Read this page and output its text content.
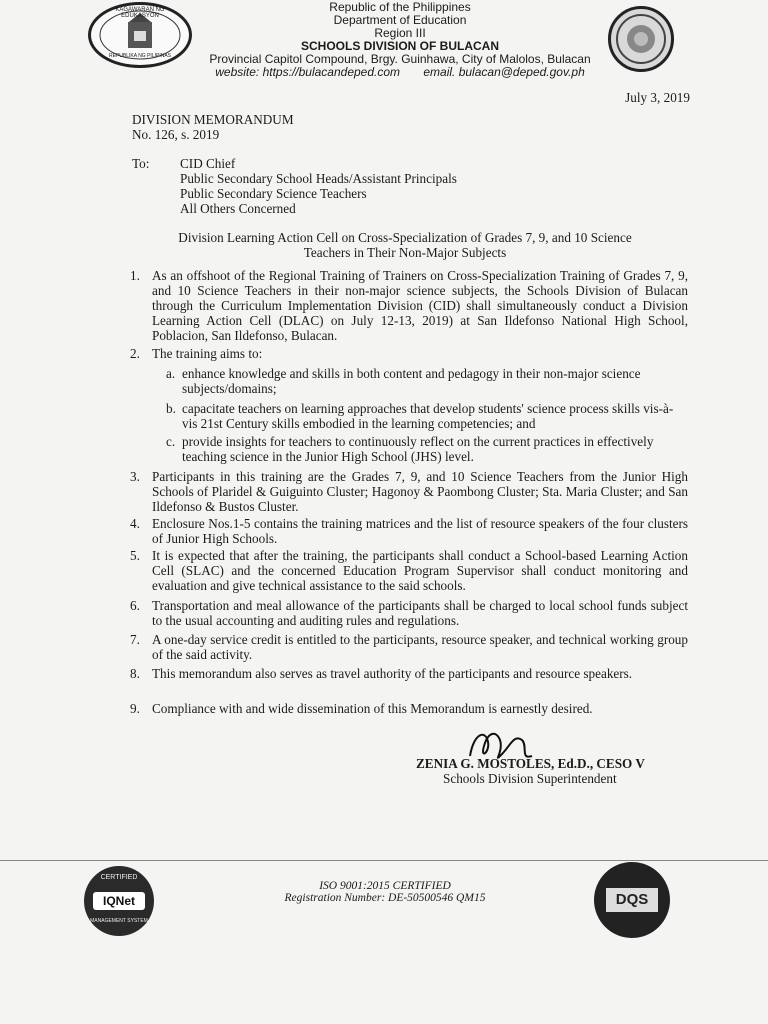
KAGAWARAN NG EDUKASYON
REPUBLIKA NG PILIPINAS
Republic of the Philippines
Department of Education
Region III
SCHOOLS DIVISION OF BULACAN
Provincial Capitol Compound, Brgy. Guinhawa, City of Malolos, Bulacan
website: https://bulacandeped.com email. bulacan@deped.gov.ph
July 3, 2019
DIVISION MEMORANDUM
No. 126, s. 2019
To: CID Chief
Public Secondary School Heads/Assistant Principals
Public Secondary Science Teachers
All Others Concerned
Division Learning Action Cell on Cross-Specialization of Grades 7, 9, and 10 Science
Teachers in Their Non-Major Subjects
1. As an offshoot of the Regional Training of Trainers on Cross-Specialization Training of Grades 7, 9, and 10 Science Teachers in their non-major science subjects, the Schools Division of Bulacan through the Curriculum Implementation Division (CID) shall simultaneously conduct a Division Learning Action Cell (DLAC) on July 12-13, 2019) at San Ildefonso National High School, Poblacion, San Ildefonso, Bulacan.
2. The training aims to:
a. enhance knowledge and skills in both content and pedagogy in their non-major science subjects/domains;
b. capacitate teachers on learning approaches that develop students' science process skills vis-à-vis 21st Century skills embodied in the learning competencies; and
c. provide insights for teachers to continuously reflect on the current practices in effectively teaching science in the Junior High School (JHS) level.
3. Participants in this training are the Grades 7, 9, and 10 Science Teachers from the Junior High Schools of Plaridel & Guiguinto Cluster; Hagonoy & Paombong Cluster; Sta. Maria Cluster; and San Ildefonso & Bustos Cluster.
4. Enclosure Nos.1-5 contains the training matrices and the list of resource speakers of the four clusters of Junior High Schools.
5. It is expected that after the training, the participants shall conduct a School-based Learning Action Cell (SLAC) and the concerned Education Program Supervisor shall conduct monitoring and evaluation and give technical assistance to the said schools.
6. Transportation and meal allowance of the participants shall be charged to local school funds subject to the usual accounting and auditing rules and regulations.
7. A one-day service credit is entitled to the participants, resource speaker, and technical working group of the said activity.
8. This memorandum also serves as travel authority of the participants and resource speakers.
9. Compliance with and wide dissemination of this Memorandum is earnestly desired.
ZENIA G. MOSTOLES, Ed.D., CESO V
Schools Division Superintendent
CERTIFIED
IQNet
MANAGEMENT SYSTEM
ISO 9001:2015 CERTIFIED
Registration Number: DE-50500546 QM15	DQS
